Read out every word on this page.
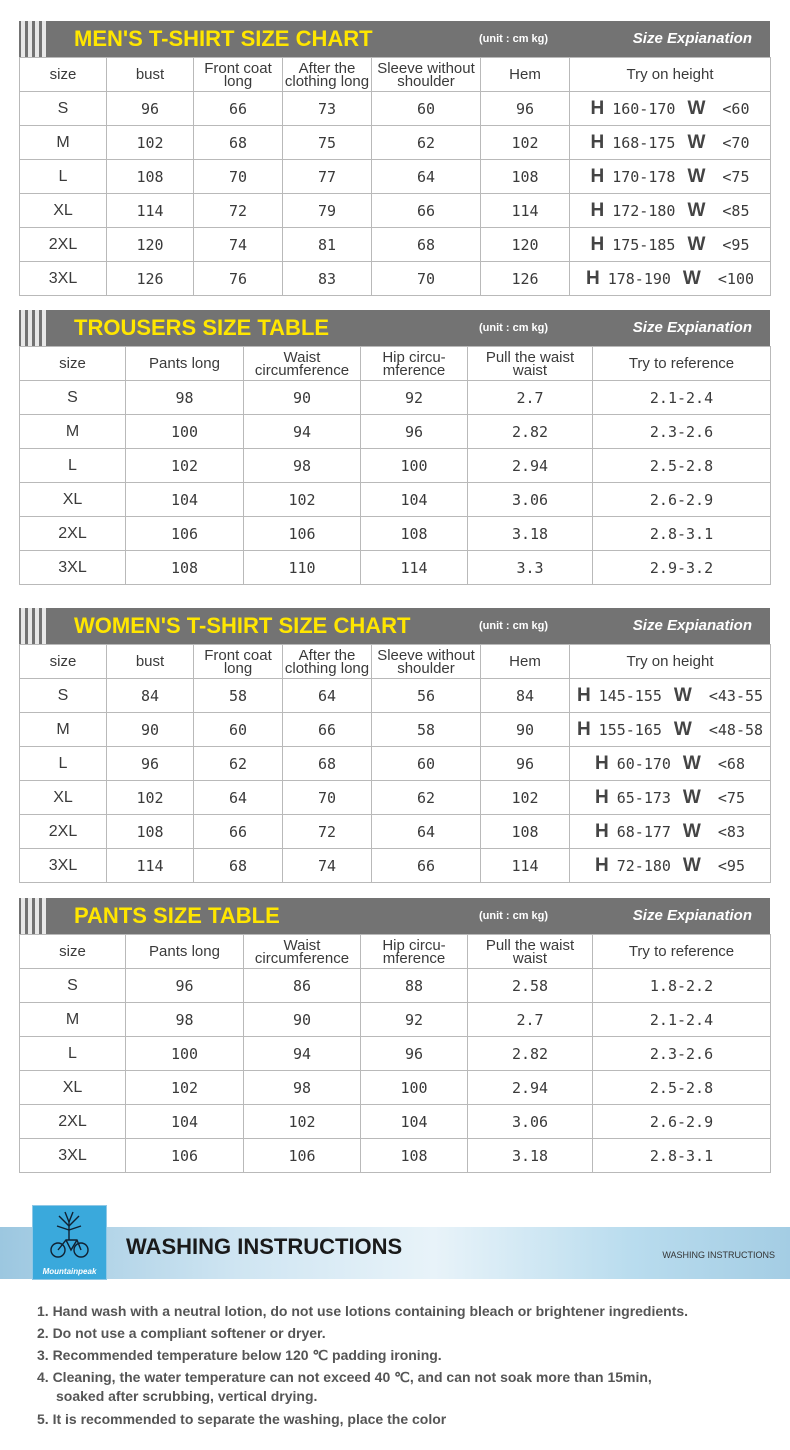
MEN'S T-SHIRT SIZE CHART	(unit : cm kg)	Size Expianation
size	bust	Front coat long	After the clothing long	Sleeve without shoulder	Hem	Try on height
S	96	66	73	60	96	H 160-170 W <60
M	102	68	75	62	102	H 168-175 W <70
L	108	70	77	64	108	H 170-178 W <75
XL	114	72	79	66	114	H 172-180 W <85
2XL	120	74	81	68	120	H 175-185 W <95
3XL	126	76	83	70	126	H 178-190 W <100
TROUSERS SIZE TABLE	(unit : cm kg)	Size Expianation
size	Pants long	Waist circumference	Hip circu- mference	Pull the waist waist	Try to reference
S	98	90	92	2.7	2.1-2.4
M	100	94	96	2.82	2.3-2.6
L	102	98	100	2.94	2.5-2.8
XL	104	102	104	3.06	2.6-2.9
2XL	106	106	108	3.18	2.8-3.1
3XL	108	110	114	3.3	2.9-3.2
WOMEN'S T-SHIRT SIZE CHART	(unit : cm kg)	Size Expianation
size	bust	Front coat long	After the clothing long	Sleeve without shoulder	Hem	Try on height
S	84	58	64	56	84	H 145-155 W <43-55
M	90	60	66	58	90	H 155-165 W <48-58
L	96	62	68	60	96	H 60-170 W <68
XL	102	64	70	62	102	H 65-173 W <75
2XL	108	66	72	64	108	H 68-177 W <83
3XL	114	68	74	66	114	H 72-180 W <95
PANTS SIZE TABLE	(unit : cm kg)	Size Expianation
size	Pants long	Waist circumference	Hip circu- mference	Pull the waist waist	Try to reference
S	96	86	88	2.58	1.8-2.2
M	98	90	92	2.7	2.1-2.4
L	100	94	96	2.82	2.3-2.6
XL	102	98	100	2.94	2.5-2.8
2XL	104	102	104	3.06	2.6-2.9
3XL	106	106	108	3.18	2.8-3.1
Mountainpeak
WASHING INSTRUCTIONS	WASHING INSTRUCTIONS

1. Hand wash with a neutral lotion, do not use lotions containing bleach or brightener ingredients.

2. Do not use a compliant softener or dryer.

3. Recommended temperature below 120 ℃ padding ironing.

4. Cleaning, the water temperature can not exceed 40 ℃, and can not soak more than 15min,

soaked after scrubbing, vertical drying.

5. It is recommended to separate the washing, place the color
